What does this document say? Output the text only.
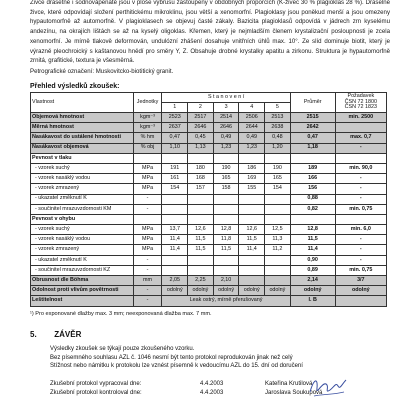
Živce drasetné i sodnovápenaté jsou v ploše výbrusu zastoupeny v obdobných proporcích (K-živec 30 % plagioklas 28 %). Draselné živce, které odpovídají složení perthitickému mikroklinu, jsou větší a xenomorfní. Plagioklasy jsou poněkud menší a jsou omezeny hypautomorfně až automorfně. V plagioklasech se objevuj časté zákaly. Bazicita plagioklasů odpovídá v jádrech zrn kyselému andezínu, na okrajích lištách se až na kyselý oligoklas. Křemen, který je nejmladším členem krystalizační posloupnosti je zcela xenomorfní. Je mírně tlakově deformován, undulózní zhášení dosahuje vnitřních úhlů max. 10°. Ze slíd dominuje biotit, který je výrazně pleochroický s kaštanovou hnědí pro směry Y, Z. Obsahuje drobné krystalky apatitu a zirkonu. Struktura je hypautomorfně zrnitá, grafitické, textura je všesměrná.

Petrografické označení: Muskovitcko-biotitický granit.

Přehled výsledků zkoušek:
Vlastnost	Jednotky	S t a n o v e n í					Průměr	Požadavek
ČSN 72 1800
ČSN 72 1823
		1	2	3	4	5		
Objemová hmotnost	kgm⁻³	2523	2517	2514	2506	2513	2515	min. 2500
Měrná hmotnost	kgm⁻³	2637	2646	2646	2644	2638	2642	
Nasákavost do ustálené hmotnosti	% hm	0,47	0,45	0,49	0,49	0,48	0,47	max. 0,7
Nasákavost objemová	% obj	1,10	1,13	1,23	1,23	1,20	1,18	-
Pevnost v tlaku								
- vzorek suchý	MPa	191	180	190	186	190	189	min. 90,0
- vzorek nasáklý vodou	MPa	161	168	165	169	165	166	-
- vzorek zmrazený	MPa	154	157	158	155	154	156	-
- ukazatel změknutí K	-						0,88	-
- součinitel mrazuvzdornosti KM	-						0,82	min. 0,75
Pevnost v ohybu								
- vzorek suchý	MPa	13,7	12,6	12,8	12,6	12,5	12,8	min. 6,0
- vzorek nasáklý vodou	MPa	11,4	11,5	11,8	11,5	11,3	11,5	-
- vzorek zmrazený	MPa	11,4	11,5	11,5	11,4	11,2	11,4	-
- ukazatel změknutí K	-						0,90	-
- součinitel mrazuvzdornosti KZ	-						0,89	min. 0,75
Obrusnost dle Böhma	mm	2,05	2,25	2,10			2,14	3/7
Odolnost proti vlivům povětrnosti	-	odolný	odolný	odolný	odolný	odolný	odolný	odolný
Leštitelnost	-	Leak ostrý, mírně přerušovaný					I. B	
¹) Pro exponované dlažby max. 3 mm; neexponovaná dlažba max. 7 mm.
5. ZÁVĚR

Výsledky zkoušek se týkají pouze zkoušeného vzorku.

Bez písemného souhlasu AZL č. 1046 nesmí být tento protokol reprodukován jinak než celý

Stížnost nebo námitku k protokolu lze vznést písemně k vedoucímu AZL do 15. dní od doručení

Zkušební protokol vypracoval dne:	4.4.2003	Kateřina Krutilová
Zkušební protokol kontroloval dne:	4.4.2003	Jaroslava Soukupová
